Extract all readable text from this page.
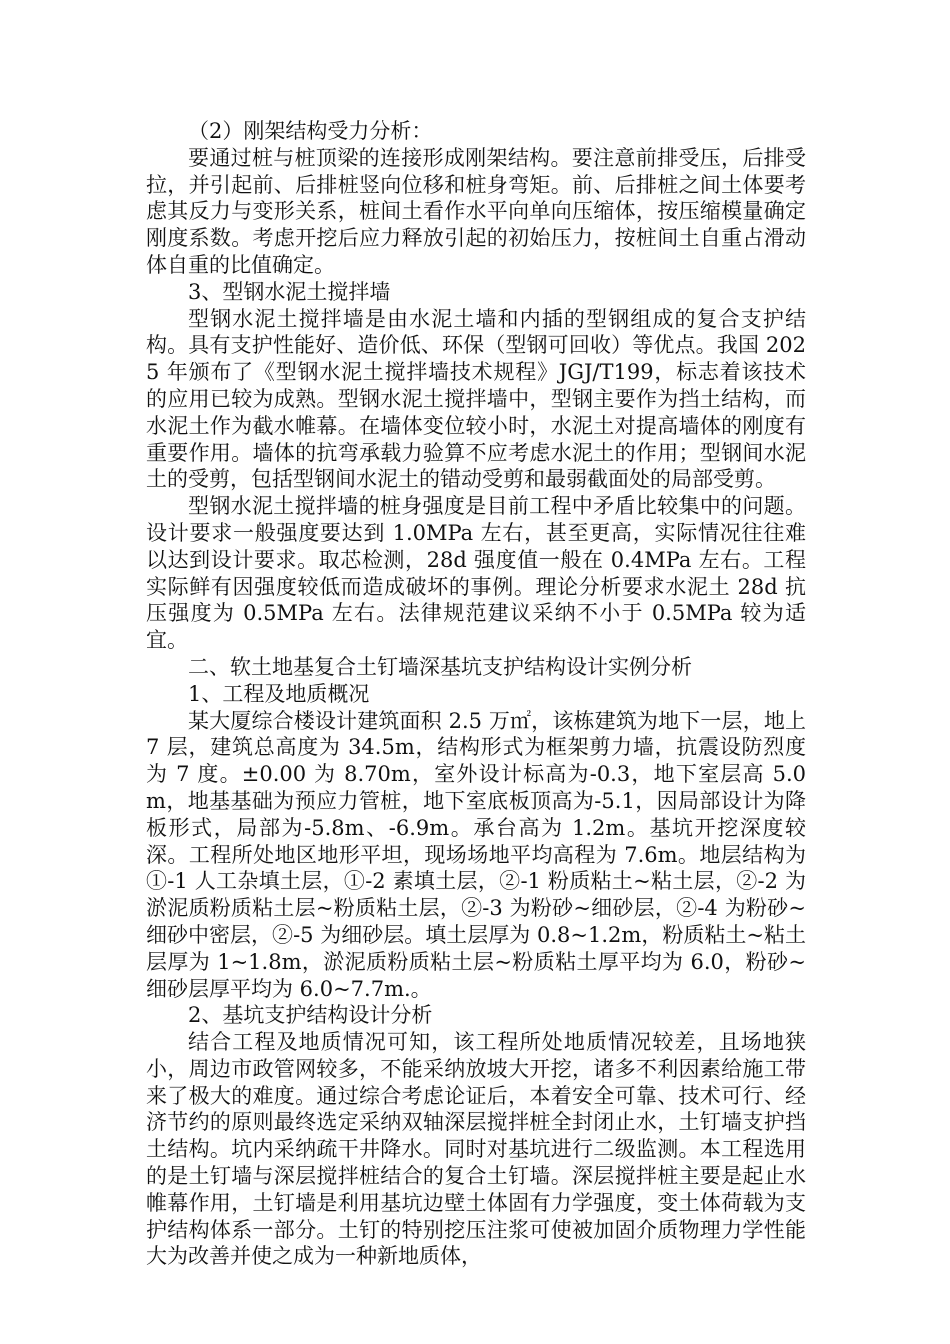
（2）刚架结构受力分析：

要通过桩与桩顶梁的连接形成刚架结构。要注意前排受压，后排受拉，并引起前、后排桩竖向位移和桩身弯矩。前、后排桩之间土体要考虑其反力与变形关系，桩间土看作水平向单向压缩体，按压缩模量确定刚度系数。考虑开挖后应力释放引起的初始压力，按桩间土自重占滑动体自重的比值确定。

3、型钢水泥土搅拌墙

型钢水泥土搅拌墙是由水泥土墙和内插的型钢组成的复合支护结构。具有支护性能好、造价低、环保（型钢可回收）等优点。我国 2025 年颁布了《型钢水泥土搅拌墙技术规程》JGJ/T199，标志着该技术的应用已较为成熟。型钢水泥土搅拌墙中，型钢主要作为挡土结构，而水泥土作为截水帷幕。在墙体变位较小时，水泥土对提高墙体的刚度有重要作用。墙体的抗弯承载力验算不应考虑水泥土的作用；型钢间水泥土的受剪，包括型钢间水泥土的错动受剪和最弱截面处的局部受剪。

型钢水泥土搅拌墙的桩身强度是目前工程中矛盾比较集中的问题。设计要求一般强度要达到 1.0MPa 左右，甚至更高，实际情况往往难以达到设计要求。取芯检测，28d 强度值一般在 0.4MPa 左右。工程实际鲜有因强度较低而造成破坏的事例。理论分析要求水泥土 28d 抗压强度为 0.5MPa 左右。法律规范建议采纳不小于 0.5MPa 较为适宜。

二、软土地基复合土钉墙深基坑支护结构设计实例分析

1、工程及地质概况

某大厦综合楼设计建筑面积 2.5 万㎡，该栋建筑为地下一层，地上 7 层，建筑总高度为 34.5m，结构形式为框架剪力墙，抗震设防烈度为 7 度。±0.00 为 8.70m，室外设计标高为-0.3，地下室层高 5.0m，地基基础为预应力管桩，地下室底板顶高为-5.1，因局部设计为降板形式，局部为-5.8m、-6.9m。承台高为 1.2m。基坑开挖深度较深。工程所处地区地形平坦，现场场地平均高程为 7.6m。地层结构为①-1 人工杂填土层，①-2 素填土层，②-1 粉质粘土~粘土层，②-2 为淤泥质粉质粘土层~粉质粘土层，②-3 为粉砂~细砂层，②-4 为粉砂~细砂中密层，②-5 为细砂层。填土层厚为 0.8~1.2m，粉质粘土~粘土层厚为 1~1.8m，淤泥质粉质粘土层~粉质粘土厚平均为 6.0，粉砂~细砂层厚平均为 6.0~7.7m.。

2、基坑支护结构设计分析

结合工程及地质情况可知，该工程所处地质情况较差，且场地狭小，周边市政管网较多，不能采纳放坡大开挖，诸多不利因素给施工带来了极大的难度。通过综合考虑论证后，本着安全可靠、技术可行、经济节约的原则最终选定采纳双轴深层搅拌桩全封闭止水，土钉墙支护挡土结构。坑内采纳疏干井降水。同时对基坑进行二级监测。本工程选用的是土钉墙与深层搅拌桩结合的复合土钉墙。深层搅拌桩主要是起止水帷幕作用，土钉墙是利用基坑边壁土体固有力学强度，变土体荷载为支护结构体系一部分。土钉的特别挖压注浆可使被加固介质物理力学性能大为改善并使之成为一种新地质体，
